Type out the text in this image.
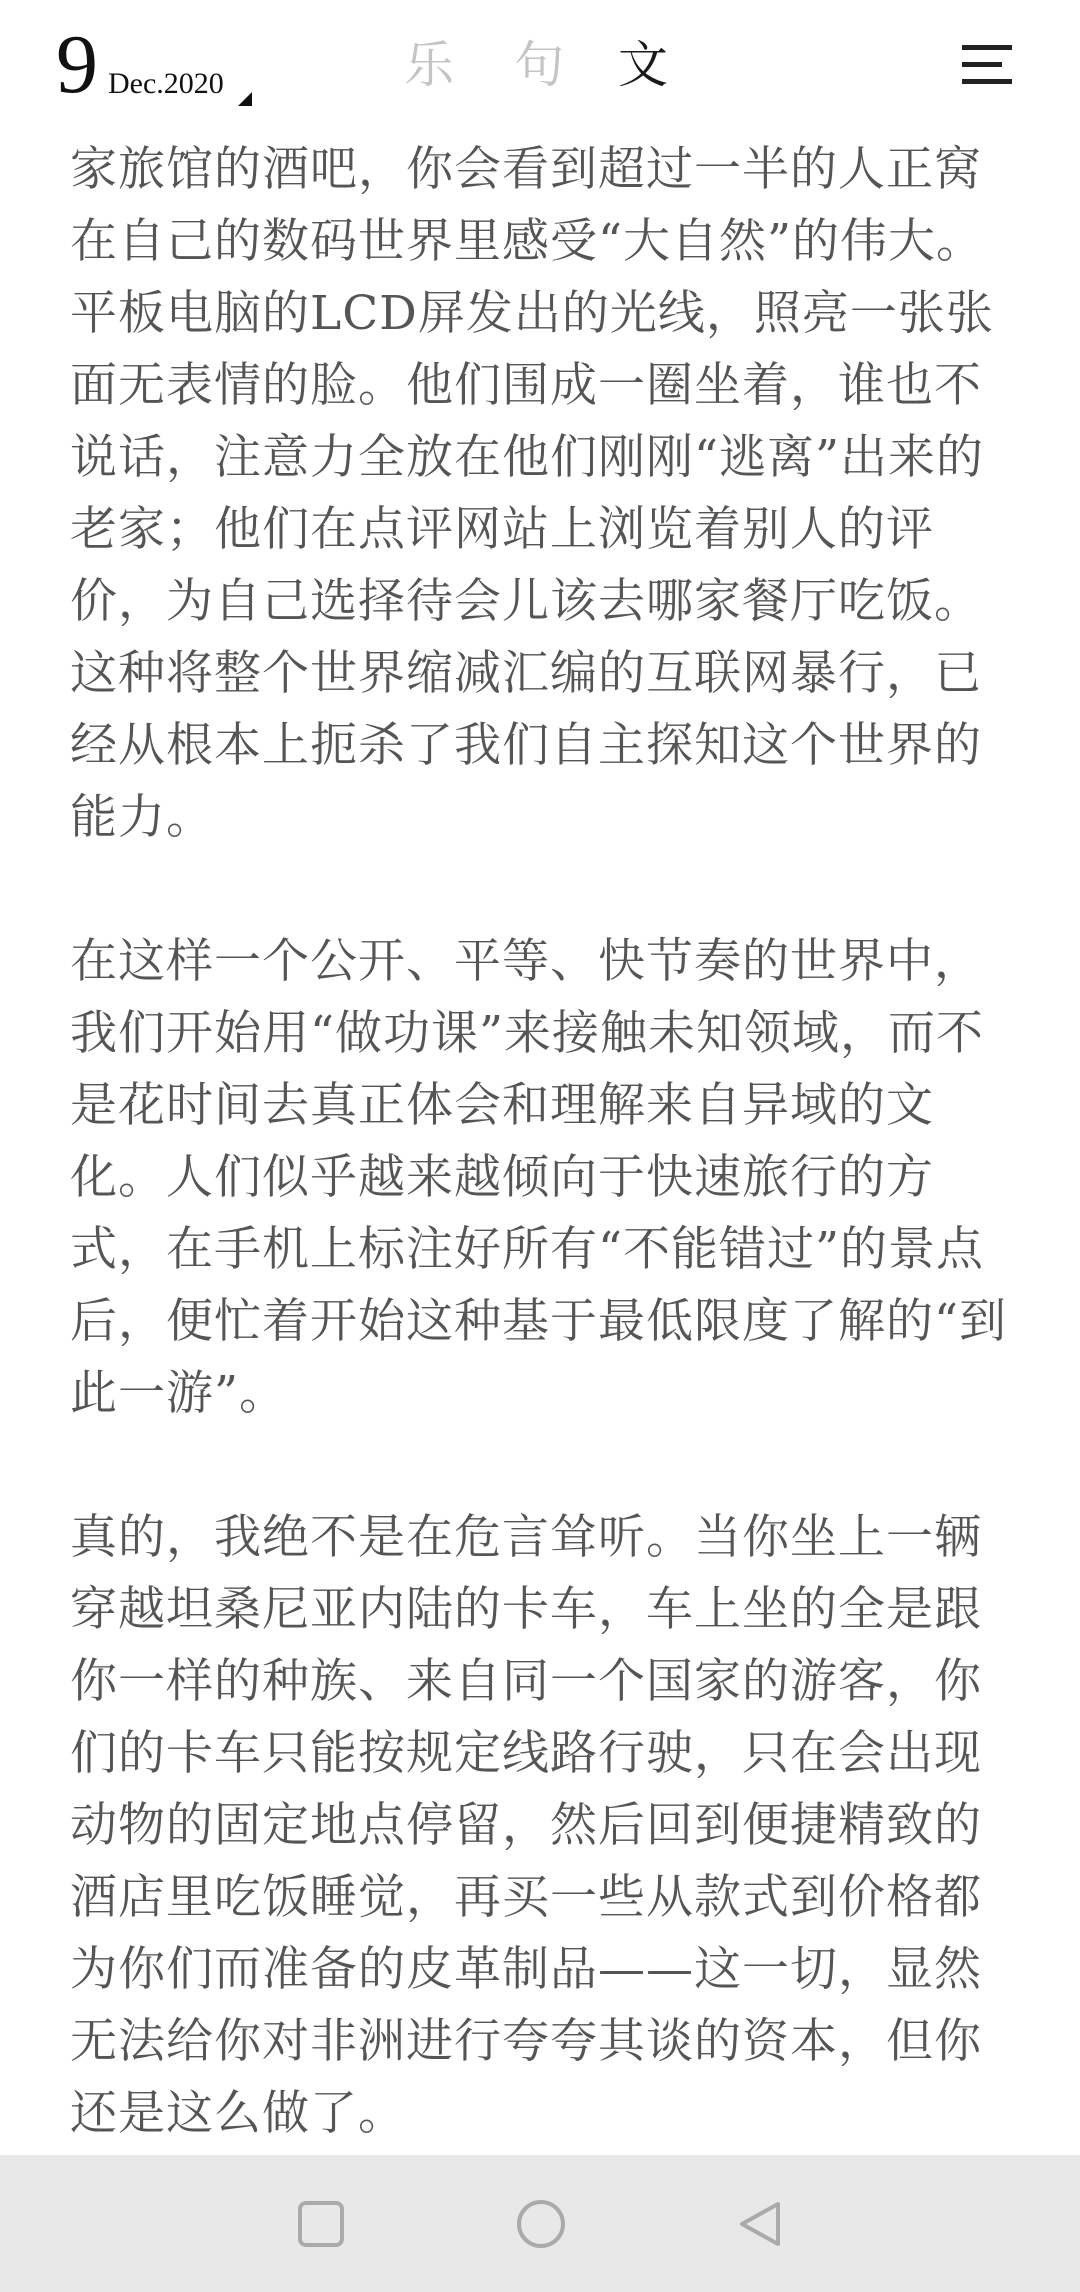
9 Dec.2020	乐 句 文

家旅馆的酒吧，你会看到超过一半的人正窝在自己的数码世界里感受“大自然”的伟大。平板电脑的LCD屏发出的光线，照亮一张张面无表情的脸。他们围成一圈坐着，谁也不说话，注意力全放在他们刚刚“逃离”出来的老家；他们在点评网站上浏览着别人的评价，为自己选择待会儿该去哪家餐厅吃饭。这种将整个世界缩减汇编的互联网暴行，已经从根本上扼杀了我们自主探知这个世界的能力。

在这样一个公开、平等、快节奏的世界中，我们开始用“做功课”来接触未知领域，而不是花时间去真正体会和理解来自异域的文化。人们似乎越来越倾向于快速旅行的方式，在手机上标注好所有“不能错过”的景点后，便忙着开始这种基于最低限度了解的“到此一游”。

真的，我绝不是在危言耸听。当你坐上一辆穿越坦桑尼亚内陆的卡车，车上坐的全是跟你一样的种族、来自同一个国家的游客，你们的卡车只能按规定线路行驶，只在会出现动物的固定地点停留，然后回到便捷精致的酒店里吃饭睡觉，再买一些从款式到价格都为你们而准备的皮革制品——这一切，显然无法给你对非洲进行夸夸其谈的资本，但你还是这么做了。
